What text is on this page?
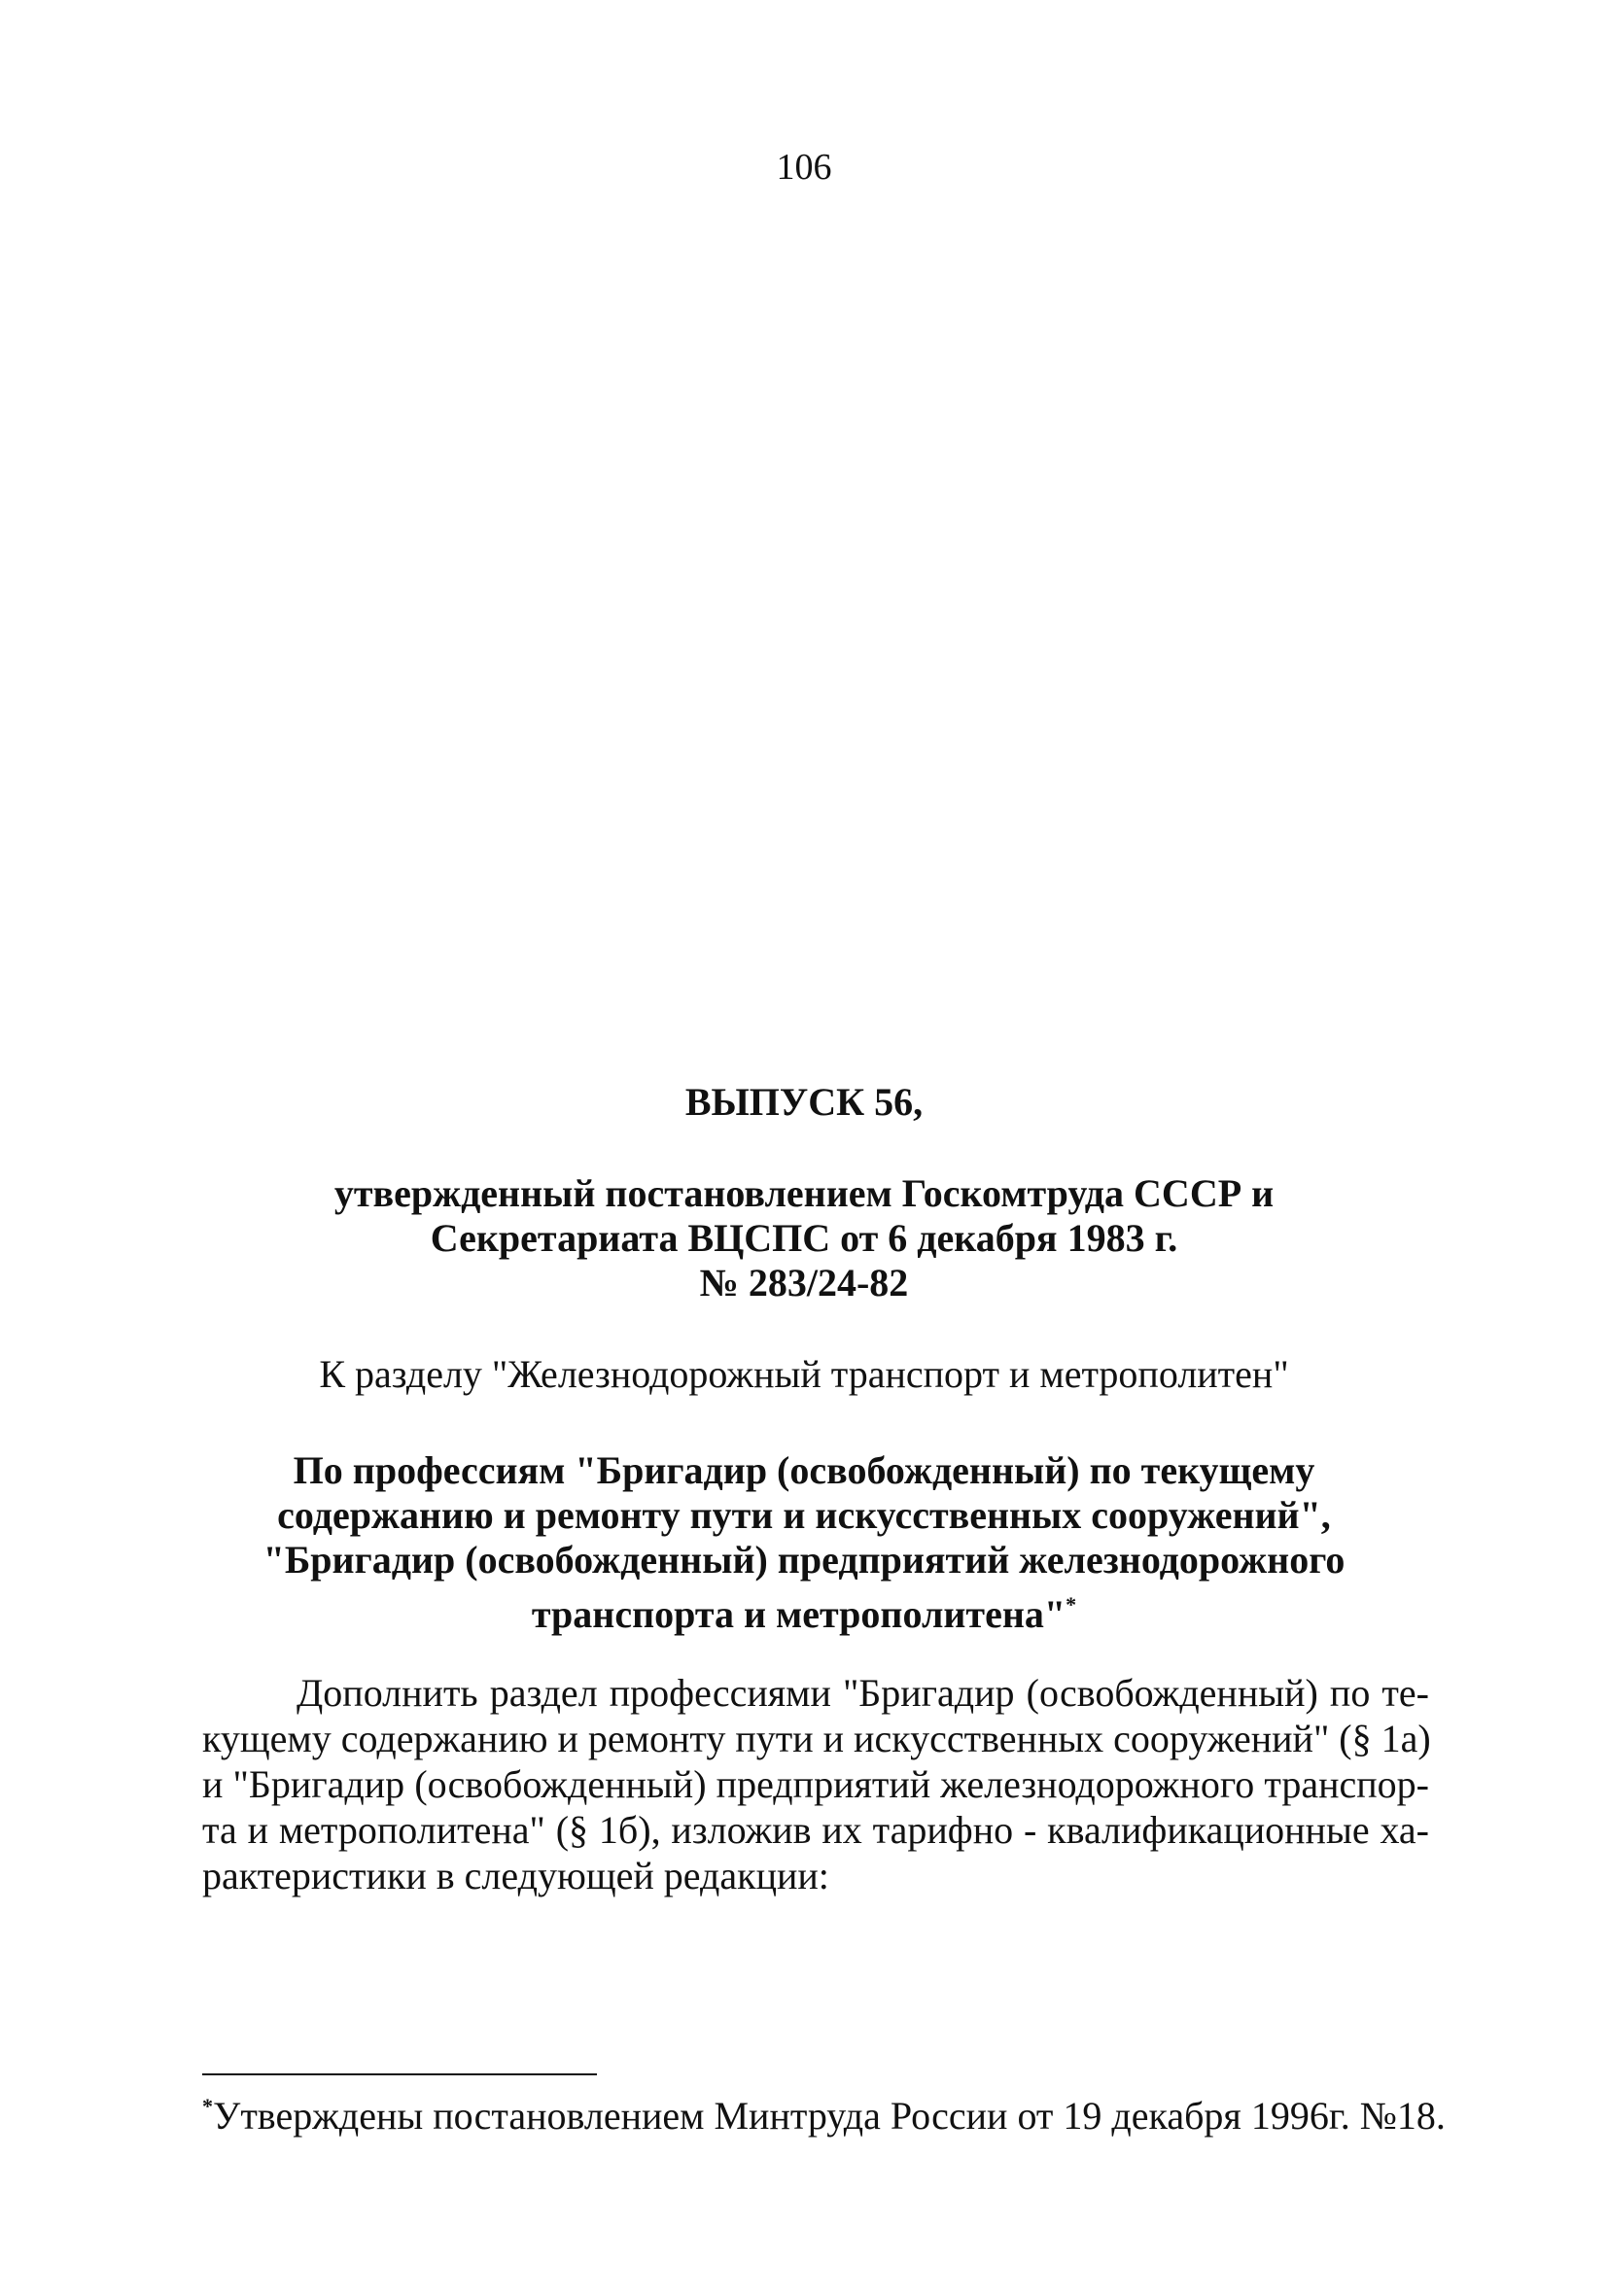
106
ВЫПУСК 56,
утвержденный постановлением Госкомтруда СССР и
Секретариата ВЦСПС от 6 декабря 1983 г.
№ 283/24-82
К разделу "Железнодорожный транспорт и метрополитен"
По профессиям "Бригадир (освобожденный) по текущему
содержанию и ремонту пути и искусственных сооружений",
"Бригадир (освобожденный) предприятий железнодорожного
транспорта и метрополитена"*
Дополнить раздел профессиями "Бригадир (освобожденный) по те-
кущему содержанию и ремонту пути и искусственных сооружений" (§ 1а)
и "Бригадир (освобожденный) предприятий железнодорожного транспор-
та и метрополитена" (§ 1б), изложив их тарифно - квалификационные ха-
рактеристики в следующей редакции:
*Утверждены постановлением Минтруда России от 19 декабря 1996г. №18.
